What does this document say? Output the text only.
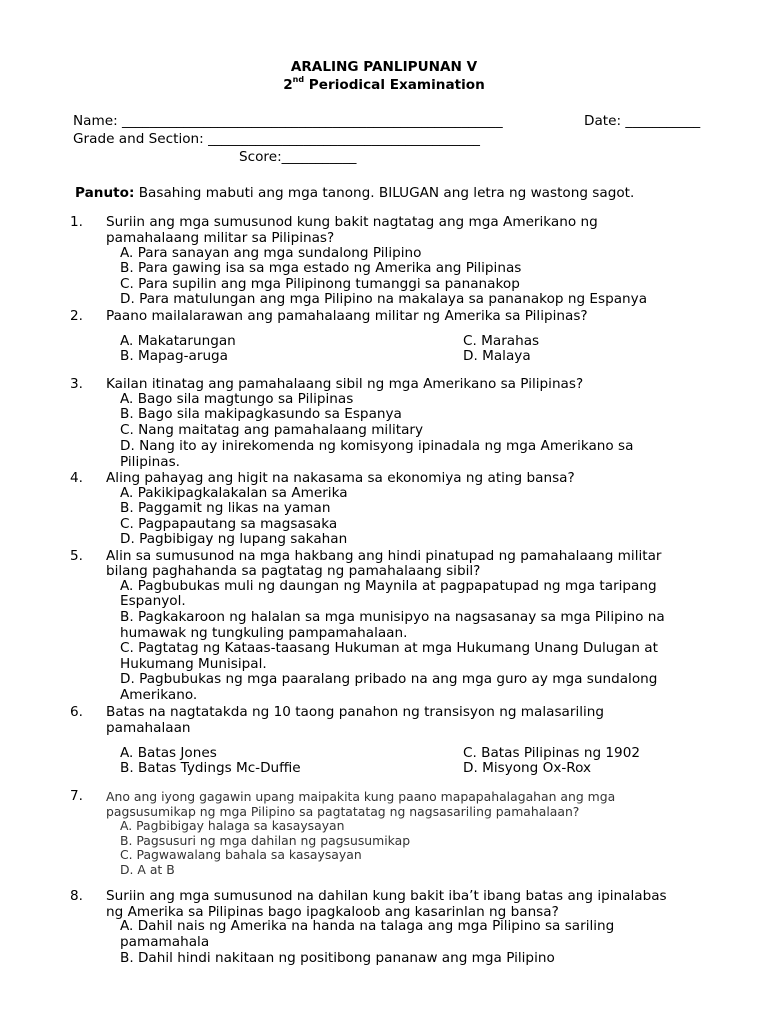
ARALING PANLIPUNAN V
2nd Periodical Examination
Name: ________________________________________________________	Date: ___________
Grade and Section: ________________________________________
Score:___________
Panuto: Basahing mabuti ang mga tanong. BILUGAN ang letra ng wastong sagot.
1. Suriin ang mga sumusunod kung bakit nagtatag ang mga Amerikano ng
pamahalaang militar sa Pilipinas?
A. Para sanayan ang mga sundalong Pilipino
B. Para gawing isa sa mga estado ng Amerika ang Pilipinas
C. Para supilin ang mga Pilipinong tumanggi sa pananakop
D. Para matulungan ang mga Pilipino na makalaya sa pananakop ng Espanya
2. Paano mailalarawan ang pamahalaang militar ng Amerika sa Pilipinas?
A. Makatarungan
B. Mapag-aruga
C. Marahas
D. Malaya
3. Kailan itinatag ang pamahalaang sibil ng mga Amerikano sa Pilipinas?
A. Bago sila magtungo sa Pilipinas
B. Bago sila makipagkasundo sa Espanya
C. Nang maitatag ang pamahalaang military
D. Nang ito ay inirekomenda ng komisyong ipinadala ng mga Amerikano sa
Pilipinas.
4. Aling pahayag ang higit na nakasama sa ekonomiya ng ating bansa?
A. Pakikipagkalakalan sa Amerika
B. Paggamit ng likas na yaman
C. Pagpapautang sa magsasaka
D. Pagbibigay ng lupang sakahan
5. Alin sa sumusunod na mga hakbang ang hindi pinatupad ng pamahalaang militar
bilang paghahanda sa pagtatag ng pamahalaang sibil?
A. Pagbubukas muli ng daungan ng Maynila at pagpapatupad ng mga taripang
Espanyol.
B. Pagkakaroon ng halalan sa mga munisipyo na nagsasanay sa mga Pilipino na
humawak ng tungkuling pampamahalaan.
C. Pagtatag ng Kataas-taasang Hukuman at mga Hukumang Unang Dulugan at
Hukumang Munisipal.
D. Pagbubukas ng mga paaralang pribado na ang mga guro ay mga sundalong
Amerikano.
6. Batas na nagtatakda ng 10 taong panahon ng transisyon ng malasariling
pamahalaan
A. Batas Jones
B. Batas Tydings Mc-Duffie
C. Batas Pilipinas ng 1902
D. Misyong Ox-Rox
7. Ano ang iyong gagawin upang maipakita kung paano mapapahalagahan ang mga
pagsusumikap ng mga Pilipino sa pagtatatag ng nagsasariling pamahalaan?
A. Pagbibigay halaga sa kasaysayan
B. Pagsusuri ng mga dahilan ng pagsusumikap
C. Pagwawalang bahala sa kasaysayan
D. A at B
8. Suriin ang mga sumusunod na dahilan kung bakit iba’t ibang batas ang ipinalabas
ng Amerika sa Pilipinas bago ipagkaloob ang kasarinlan ng bansa?
A. Dahil nais ng Amerika na handa na talaga ang mga Pilipino sa sariling
pamamahala
B. Dahil hindi nakitaan ng positibong pananaw ang mga Pilipino
